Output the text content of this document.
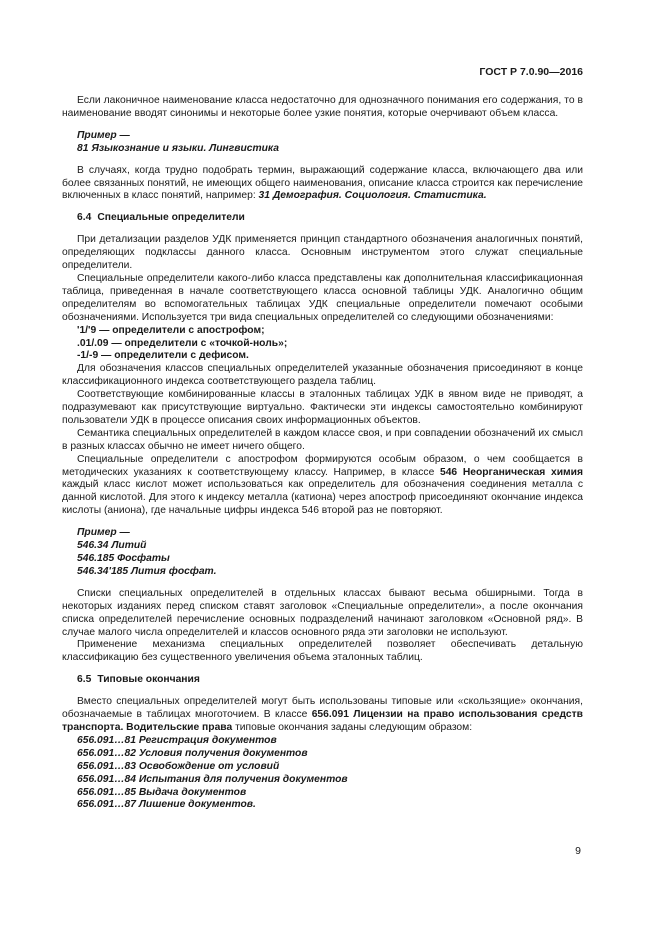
ГОСТ Р 7.0.90—2016

Если лаконичное наименование класса недостаточно для однозначного понимания его содержания, то в наименование вводят синонимы и некоторые более узкие понятия, которые очерчивают объем класса.

Пример —
81 Языкознание и языки. Лингвистика

В случаях, когда трудно подобрать термин, выражающий содержание класса, включающего два или более связанных понятий, не имеющих общего наименования, описание класса строится как перечисление включенных в класс понятий, например: 31 Демография. Социология. Статистика.

6.4 Специальные определители

При детализации разделов УДК применяется принцип стандартного обозначения аналогичных понятий, определяющих подклассы данного класса. Основным инструментом этого служат специальные определители.

Специальные определители какого-либо класса представлены как дополнительная классификационная таблица, приведенная в начале соответствующего класса основной таблицы УДК. Аналогично общим определителям во вспомогательных таблицах УДК специальные определители помечают особыми обозначениями. Используется три вида специальных определителей со следующими обозначениями:

'1/'9 — определители с апострофом;
.01/.09 — определители с «точкой-ноль»;
-1/-9 — определители с дефисом.

Для обозначения классов специальных определителей указанные обозначения присоединяют в конце классификационного индекса соответствующего раздела таблиц.

Соответствующие комбинированные классы в эталонных таблицах УДК в явном виде не приводят, а подразумевают как присутствующие виртуально. Фактически эти индексы самостоятельно комбинируют пользователи УДК в процессе описания своих информационных объектов.

Семантика специальных определителей в каждом классе своя, и при совпадении обозначений их смысл в разных классах обычно не имеет ничего общего.

Специальные определители с апострофом формируются особым образом, о чем сообщается в методических указаниях к соответствующему классу. Например, в классе 546 Неорганическая химия каждый класс кислот может использоваться как определитель для обозначения соединения металла с данной кислотой. Для этого к индексу металла (катиона) через апостроф присоединяют окончание индекса кислоты (аниона), где начальные цифры индекса 546 второй раз не повторяют.

Пример —
546.34 Литий
546.185 Фосфаты
546.34'185 Лития фосфат.

Списки специальных определителей в отдельных классах бывают весьма обширными. Тогда в некоторых изданиях перед списком ставят заголовок «Специальные определители», а после окончания списка определителей перечисление основных подразделений начинают заголовком «Основной ряд». В случае малого числа определителей и классов основного ряда эти заголовки не используют.

Применение механизма специальных определителей позволяет обеспечивать детальную классификацию без существенного увеличения объема эталонных таблиц.

6.5 Типовые окончания

Вместо специальных определителей могут быть использованы типовые или «скользящие» окончания, обозначаемые в таблицах многоточием. В классе 656.091 Лицензии на право использования средств транспорта. Водительские права типовые окончания заданы следующим образом:

656.091…81 Регистрация документов
656.091…82 Условия получения документов
656.091…83 Освобождение от условий
656.091…84 Испытания для получения документов
656.091…85 Выдача документов
656.091…87 Лишение документов.
9
